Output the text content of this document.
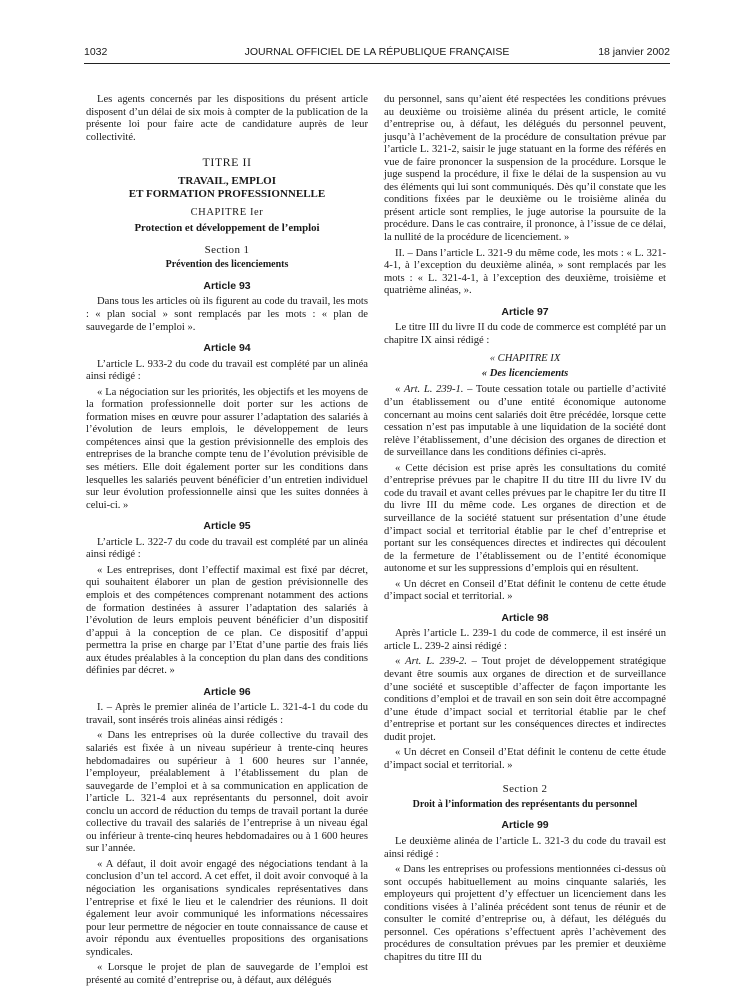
1032	JOURNAL OFFICIEL DE LA RÉPUBLIQUE FRANÇAISE	18 janvier 2002

Les agents concernés par les dispositions du présent article disposent d’un délai de six mois à compter de la publication de la présente loi pour faire acte de candidature auprès de leur collectivité.

TITRE II

TRAVAIL, EMPLOI
ET FORMATION PROFESSIONNELLE

CHAPITRE Ier

Protection et développement de l’emploi

Section 1

Prévention des licenciements

Article 93

Dans tous les articles où ils figurent au code du travail, les mots : « plan social » sont remplacés par les mots : « plan de sauvegarde de l’emploi ».

Article 94

L’article L. 933-2 du code du travail est complété par un alinéa ainsi rédigé :

« La négociation sur les priorités, les objectifs et les moyens de la formation professionnelle doit porter sur les actions de formation mises en œuvre pour assurer l’adaptation des salariés à l’évolution de leurs emplois, le développement de leurs compétences ainsi que la gestion prévisionnelle des emplois des entreprises de la branche compte tenu de l’évolution prévisible de ses métiers. Elle doit également porter sur les conditions dans lesquelles les salariés peuvent bénéficier d’un entretien individuel sur leur évolution professionnelle ainsi que les suites données à celui-ci. »

Article 95

L’article L. 322-7 du code du travail est complété par un alinéa ainsi rédigé :

« Les entreprises, dont l’effectif maximal est fixé par décret, qui souhaitent élaborer un plan de gestion prévisionnelle des emplois et des compétences comprenant notamment des actions de formation destinées à assurer l’adaptation des salariés à l’évolution de leurs emplois peuvent bénéficier d’un dispositif d’appui à la conception de ce plan. Ce dispositif d’appui permettra la prise en charge par l’Etat d’une partie des frais liés aux études préalables à la conception du plan dans des conditions définies par décret. »

Article 96

I. – Après le premier alinéa de l’article L. 321-4-1 du code du travail, sont insérés trois alinéas ainsi rédigés :

« Dans les entreprises où la durée collective du travail des salariés est fixée à un niveau supérieur à trente-cinq heures hebdomadaires ou supérieur à 1 600 heures sur l’année, l’employeur, préalablement à l’établissement du plan de sauvegarde de l’emploi et à sa communication en application de l’article L. 321-4 aux représentants du personnel, doit avoir conclu un accord de réduction du temps de travail portant la durée collective du travail des salariés de l’entreprise à un niveau égal ou inférieur à trente-cinq heures hebdomadaires ou à 1 600 heures sur l’année.

« A défaut, il doit avoir engagé des négociations tendant à la conclusion d’un tel accord. A cet effet, il doit avoir convoqué à la négociation les organisations syndicales représentatives dans l’entreprise et fixé le lieu et le calendrier des réunions. Il doit également leur avoir communiqué les informations nécessaires pour leur permettre de négocier en toute connaissance de cause et avoir répondu aux éventuelles propositions des organisations syndicales.

« Lorsque le projet de plan de sauvegarde de l’emploi est présenté au comité d’entreprise ou, à défaut, aux délégués

du personnel, sans qu’aient été respectées les conditions prévues au deuxième ou troisième alinéa du présent article, le comité d’entreprise ou, à défaut, les délégués du personnel peuvent, jusqu’à l’achèvement de la procédure de consultation prévue par l’article L. 321-2, saisir le juge statuant en la forme des référés en vue de faire prononcer la suspension de la procédure. Lorsque le juge suspend la procédure, il fixe le délai de la suspension au vu des éléments qui lui sont communiqués. Dès qu’il constate que les conditions fixées par le deuxième ou le troisième alinéa du présent article sont remplies, le juge autorise la poursuite de la procédure. Dans le cas contraire, il prononce, à l’issue de ce délai, la nullité de la procédure de licenciement. »

II. – Dans l’article L. 321-9 du même code, les mots : « L. 321-4-1, à l’exception du deuxième alinéa, » sont remplacés par les mots : « L. 321-4-1, à l’exception des deuxième, troisième et quatrième alinéas, ».

Article 97

Le titre III du livre II du code de commerce est complété par un chapitre IX ainsi rédigé :

« CHAPITRE IX

« Des licenciements

« Art. L. 239-1. – Toute cessation totale ou partielle d’activité d’un établissement ou d’une entité économique autonome concernant au moins cent salariés doit être précédée, lorsque cette cessation n’est pas imputable à une liquidation de la société dont relève l’établissement, d’une décision des organes de direction et de surveillance dans les conditions définies ci-après.

« Cette décision est prise après les consultations du comité d’entreprise prévues par le chapitre II du titre III du livre IV du code du travail et avant celles prévues par le chapitre Ier du titre II du livre III du même code. Les organes de direction et de surveillance de la société statuent sur présentation d’une étude d’impact social et territorial établie par le chef d’entreprise et portant sur les conséquences directes et indirectes qui découlent de la fermeture de l’établissement ou de l’entité économique autonome et sur les suppressions d’emplois qui en résultent.

« Un décret en Conseil d’Etat définit le contenu de cette étude d’impact social et territorial. »

Article 98

Après l’article L. 239-1 du code de commerce, il est inséré un article L. 239-2 ainsi rédigé :

« Art. L. 239-2. – Tout projet de développement stratégique devant être soumis aux organes de direction et de surveillance d’une société et susceptible d’affecter de façon importante les conditions d’emploi et de travail en son sein doit être accompagné d’une étude d’impact social et territorial établie par le chef d’entreprise et portant sur les conséquences directes et indirectes dudit projet.

« Un décret en Conseil d’Etat définit le contenu de cette étude d’impact social et territorial. »

Section 2

Droit à l’information des représentants du personnel

Article 99

Le deuxième alinéa de l’article L. 321-3 du code du travail est ainsi rédigé :

« Dans les entreprises ou professions mentionnées ci-dessus où sont occupés habituellement au moins cinquante salariés, les employeurs qui projettent d’y effectuer un licenciement dans les conditions visées à l’alinéa précédent sont tenus de réunir et de consulter le comité d’entreprise ou, à défaut, les délégués du personnel. Ces opérations s’effectuent après l’achèvement des procédures de consultation prévues par les premier et deuxième chapitres du titre III du
